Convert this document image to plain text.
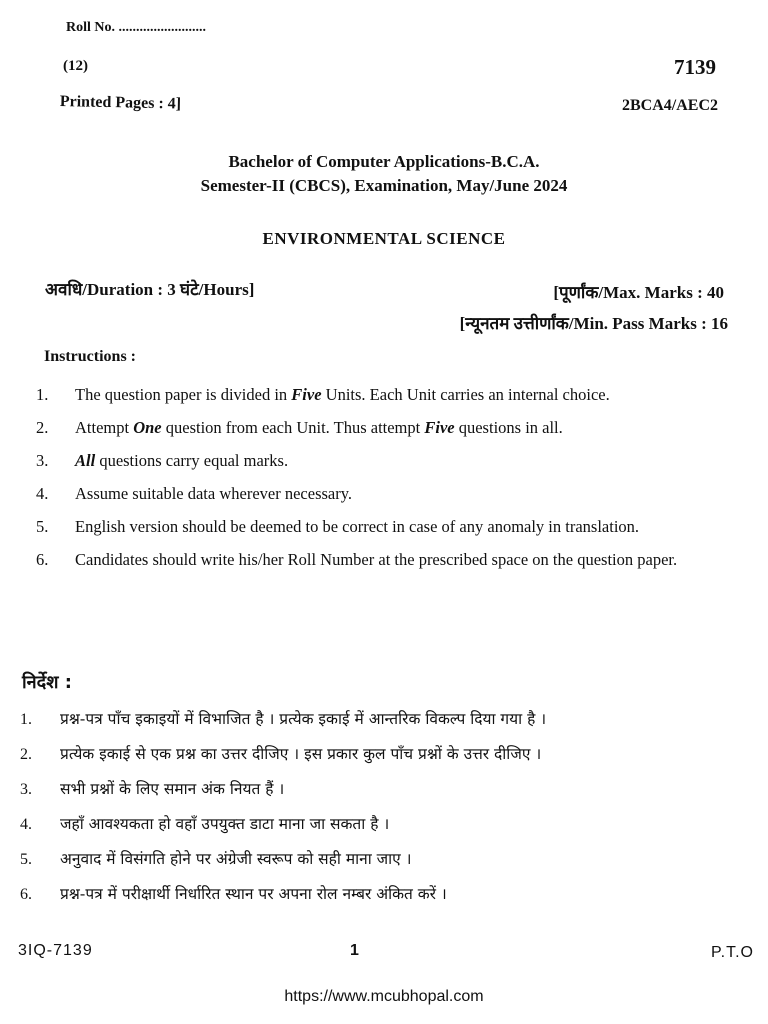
Roll No. .........................
(12)	7139
Printed Pages : 4]	2BCA4/AEC2
Bachelor of Computer Applications-B.C.A.
Semester-II (CBCS), Examination, May/June 2024
ENVIRONMENTAL SCIENCE
अवधि/Duration : 3 घंटे/Hours]	[पूर्णांक/Max. Marks : 40
[न्यूनतम उत्तीर्णांक/Min. Pass Marks : 16
Instructions :
1. The question paper is divided in Five Units. Each Unit carries an internal choice.
2. Attempt One question from each Unit. Thus attempt Five questions in all.
3. All questions carry equal marks.
4. Assume suitable data wherever necessary.
5. English version should be deemed to be correct in case of any anomaly in translation.
6. Candidates should write his/her Roll Number at the prescribed space on the question paper.
निर्देश :
1. प्रश्न-पत्र पाँच इकाइयों में विभाजित है । प्रत्येक इकाई में आन्तरिक विकल्प दिया गया है ।
2. प्रत्येक इकाई से एक प्रश्न का उत्तर दीजिए । इस प्रकार कुल पाँच प्रश्नों के उत्तर दीजिए ।
3. सभी प्रश्नों के लिए समान अंक नियत हैं ।
4. जहाँ आवश्यकता हो वहाँ उपयुक्त डाटा माना जा सकता है ।
5. अनुवाद में विसंगति होने पर अंग्रेजी स्वरूप को सही माना जाए ।
6. प्रश्न-पत्र में परीक्षार्थी निर्धारित स्थान पर अपना रोल नम्बर अंकित करें ।
3IQ-7139	1	P.T.O
https://www.mcubhopal.com
